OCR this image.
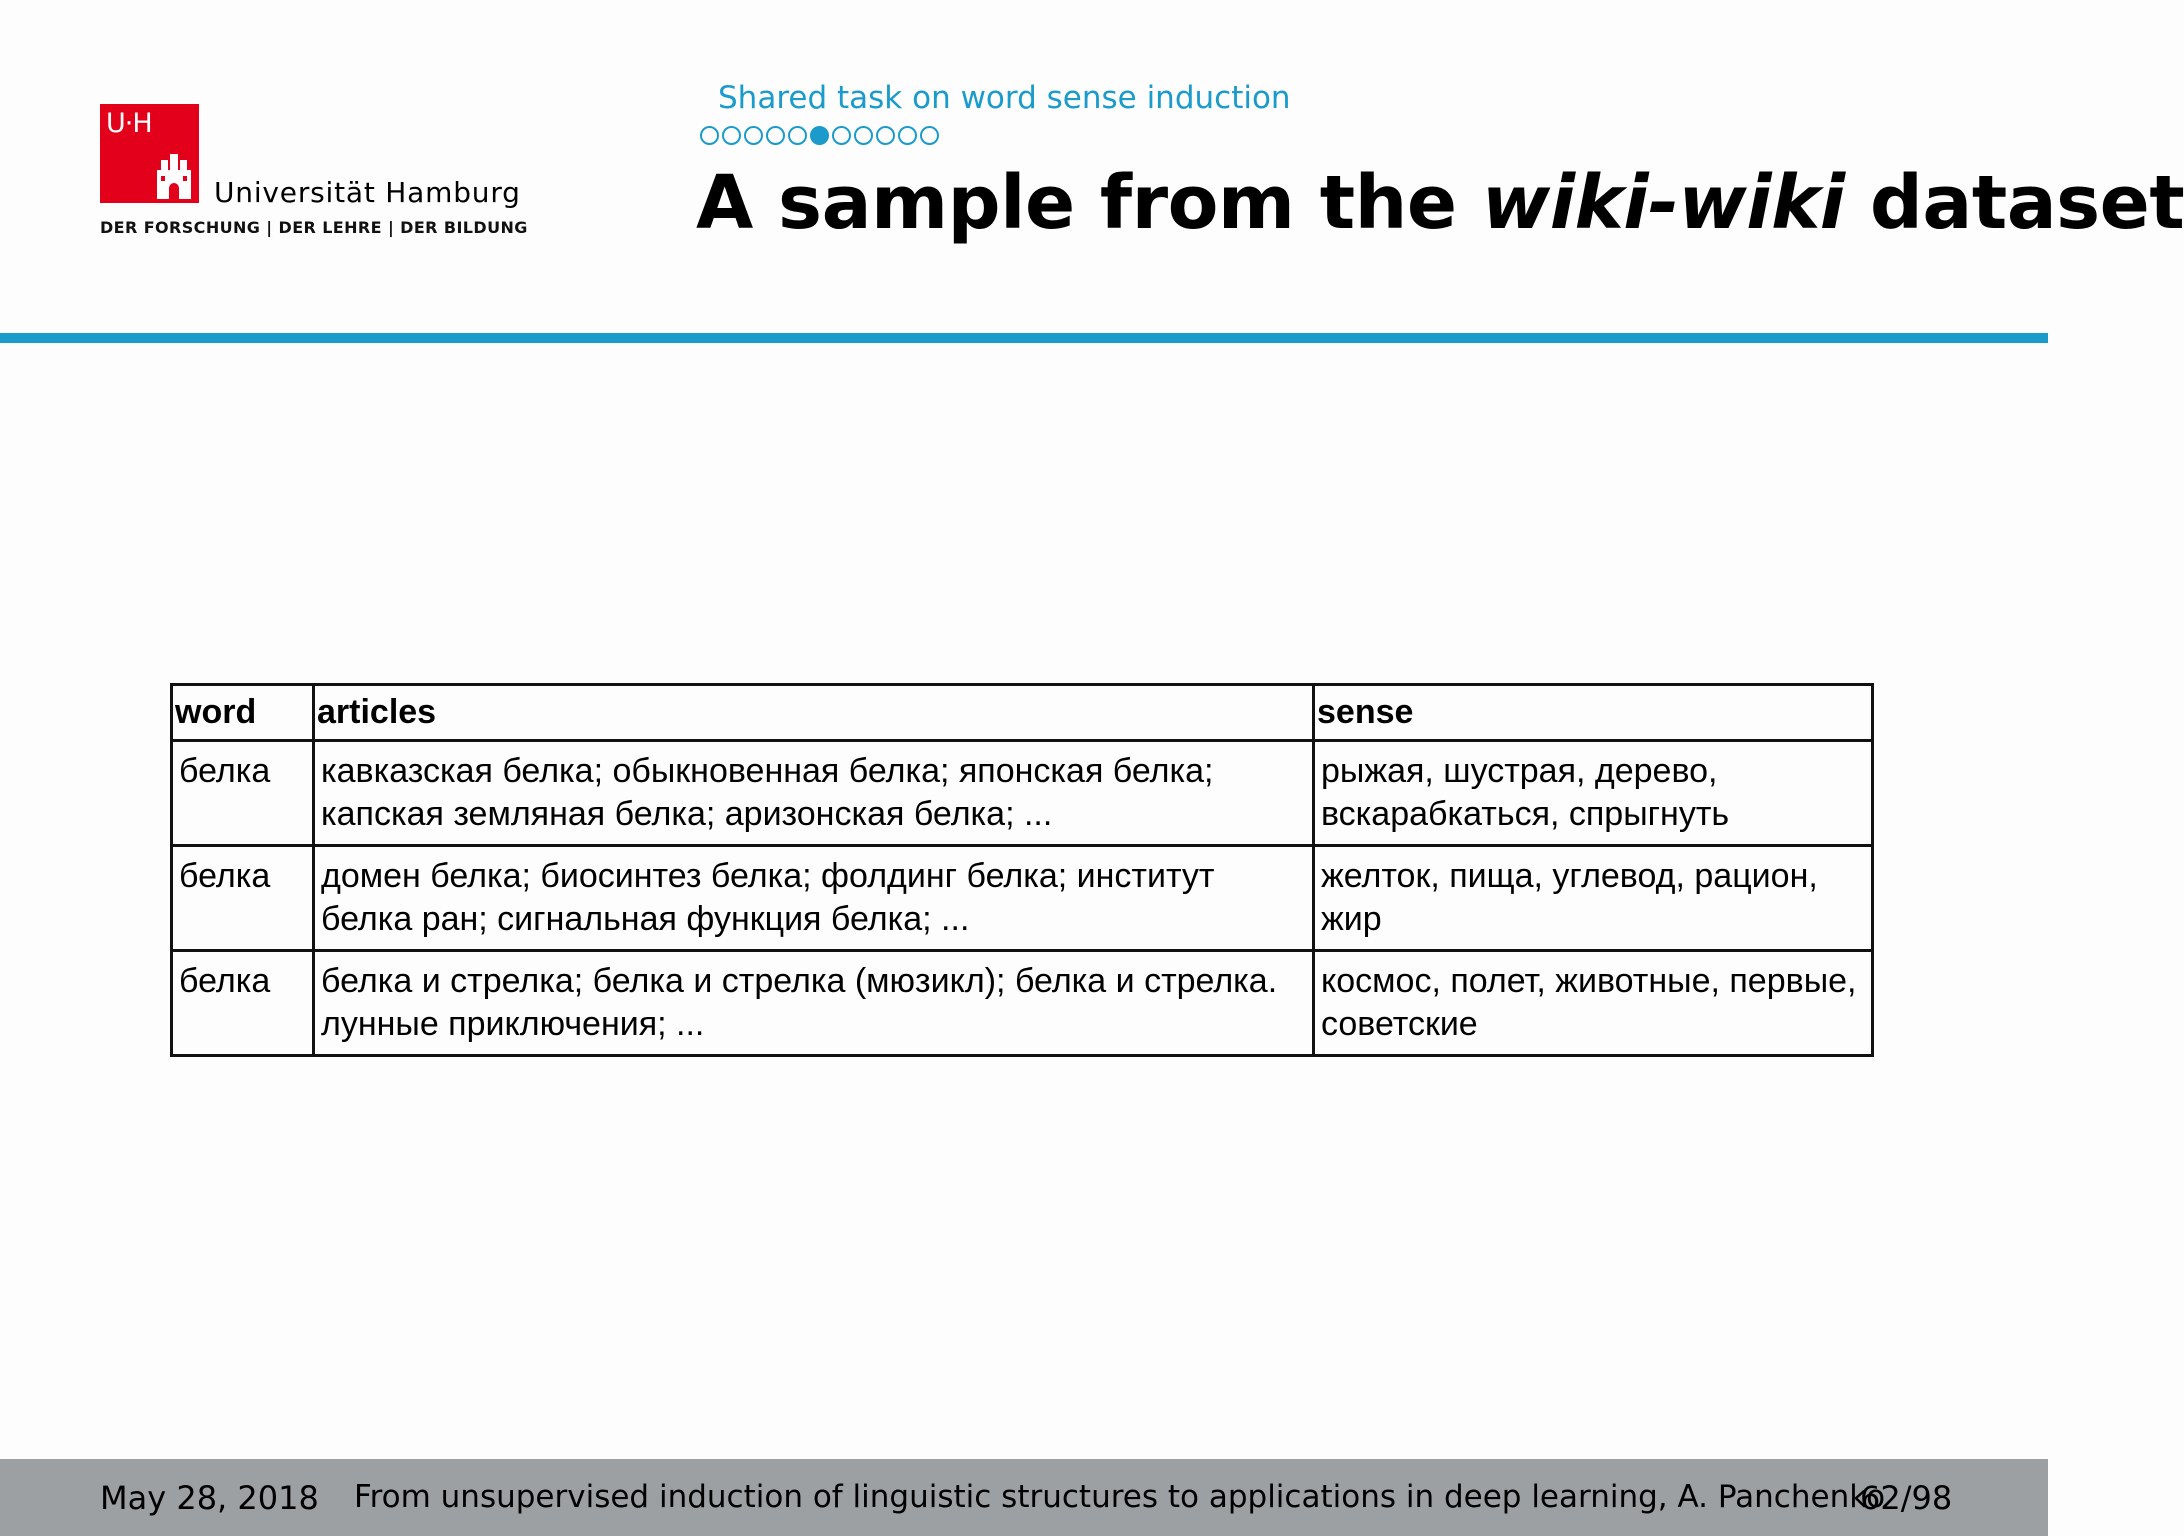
U·H
Universität Hamburg
DER FORSCHUNG | DER LEHRE | DER BILDUNG
Shared task on word sense induction
A sample from the wiki-wiki dataset
word	articles	sense
белка	кавказская белка; обыкновенная белка; японская белка; капская земляная белка; аризонская белка; ...	рыжая, шустрая, дерево, вскарабкаться, спрыгнуть
белка	домен белка; биосинтез белка; фолдинг белка; институт белка ран; сигнальная функция белка; ...	желток, пища, углевод, рацион, жир
белка	белка и стрелка; белка и стрелка (мюзикл); белка и стрелка. лунные приключения; ...	космос, полет, животные, первые, советские
May 28, 2018 From unsupervised induction of linguistic structures to applications in deep learning, A. Panchenko
62/98
